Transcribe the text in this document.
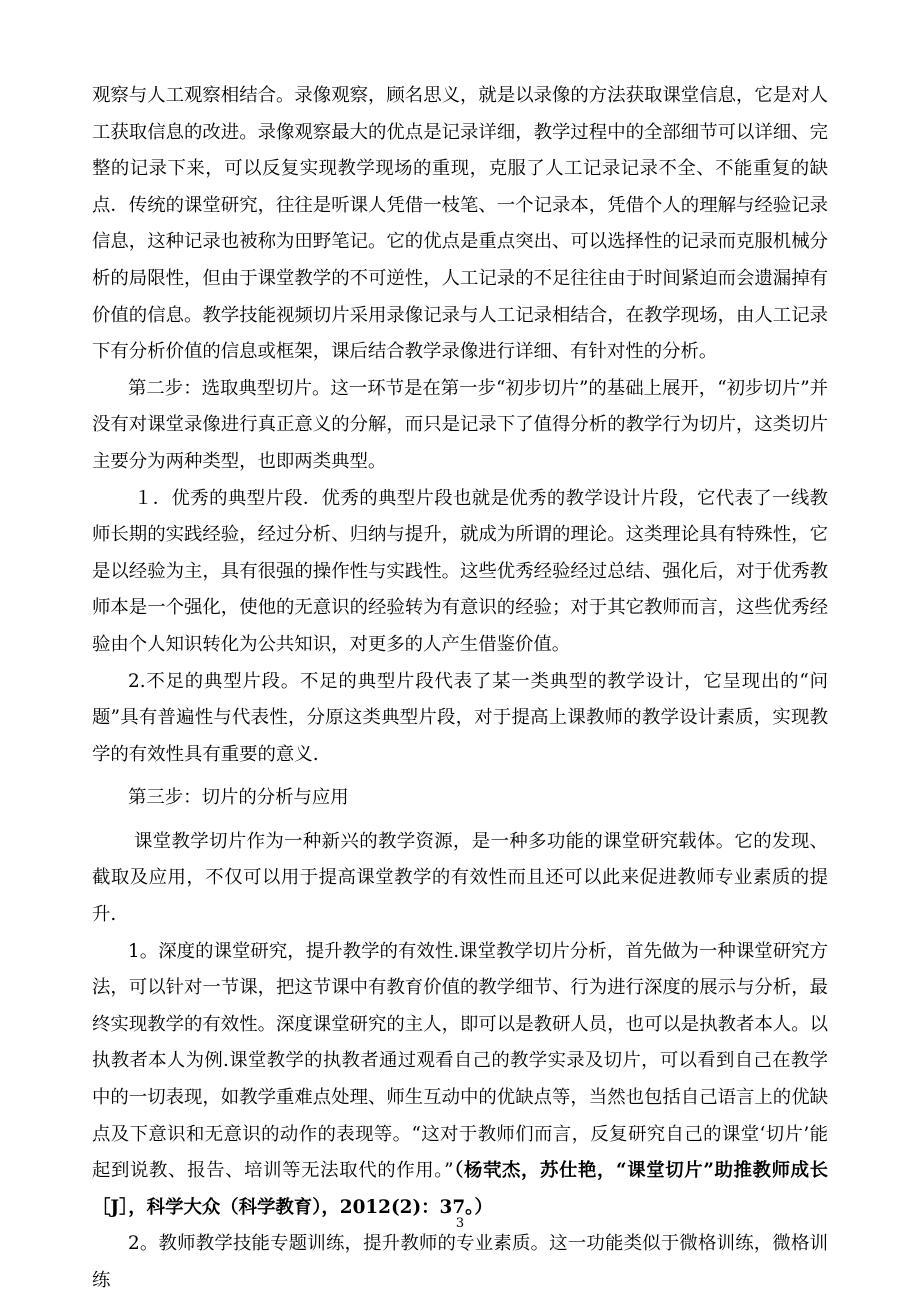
观察与人工观察相结合。录像观察，顾名思义，就是以录像的方法获取课堂信息，它是对人工获取信息的改进。录像观察最大的优点是记录详细，教学过程中的全部细节可以详细、完整的记录下来，可以反复实现教学现场的重现，克服了人工记录记录不全、不能重复的缺点．传统的课堂研究，往往是听课人凭借一枝笔、一个记录本，凭借个人的理解与经验记录信息，这种记录也被称为田野笔记。它的优点是重点突出、可以选择性的记录而克服机械分析的局限性，但由于课堂教学的不可逆性，人工记录的不足往往由于时间紧迫而会遗漏掉有价值的信息。教学技能视频切片采用录像记录与人工记录相结合，在教学现场，由人工记录下有分析价值的信息或框架，课后结合教学录像进行详细、有针对性的分析。

第二步：选取典型切片。这一环节是在第一步“初步切片”的基础上展开，“初步切片”并没有对课堂录像进行真正意义的分解，而只是记录下了值得分析的教学行为切片，这类切片主要分为两种类型，也即两类典型。

１．优秀的典型片段．优秀的典型片段也就是优秀的教学设计片段，它代表了一线教师长期的实践经验，经过分析、归纳与提升，就成为所谓的理论。这类理论具有特殊性，它是以经验为主，具有很强的操作性与实践性。这些优秀经验经过总结、强化后，对于优秀教师本是一个强化，使他的无意识的经验转为有意识的经验；对于其它教师而言，这些优秀经验由个人知识转化为公共知识，对更多的人产生借鉴价值。

2.不足的典型片段。不足的典型片段代表了某一类典型的教学设计，它呈现出的“问题”具有普遍性与代表性，分原这类典型片段，对于提高上课教师的教学设计素质，实现教学的有效性具有重要的意义.

第三步：切片的分析与应用

课堂教学切片作为一种新兴的教学资源，是一种多功能的课堂研究载体。它的发现、截取及应用，不仅可以用于提高课堂教学的有效性而且还可以此来促进教师专业素质的提升.

1。深度的课堂研究，提升教学的有效性.课堂教学切片分析，首先做为一种课堂研究方法，可以针对一节课，把这节课中有教育价值的教学细节、行为进行深度的展示与分析，最终实现教学的有效性。深度课堂研究的主人，即可以是教研人员，也可以是执教者本人。以执教者本人为例.课堂教学的执教者通过观看自己的教学实录及切片，可以看到自己在教学中的一切表现，如教学重难点处理、师生互动中的优缺点等，当然也包括自己语言上的优缺点及下意识和无意识的动作的表现等。“这对于教师们而言，反复研究自己的课堂‘切片’能起到说教、报告、培训等无法取代的作用。”（杨茕杰，苏仕艳，“课堂切片”助推教师成长［J］，科学大众（科学教育），2012(2)：37。）

2。教师教学技能专题训练，提升教师的专业素质。这一功能类似于微格训练，微格训练

3
